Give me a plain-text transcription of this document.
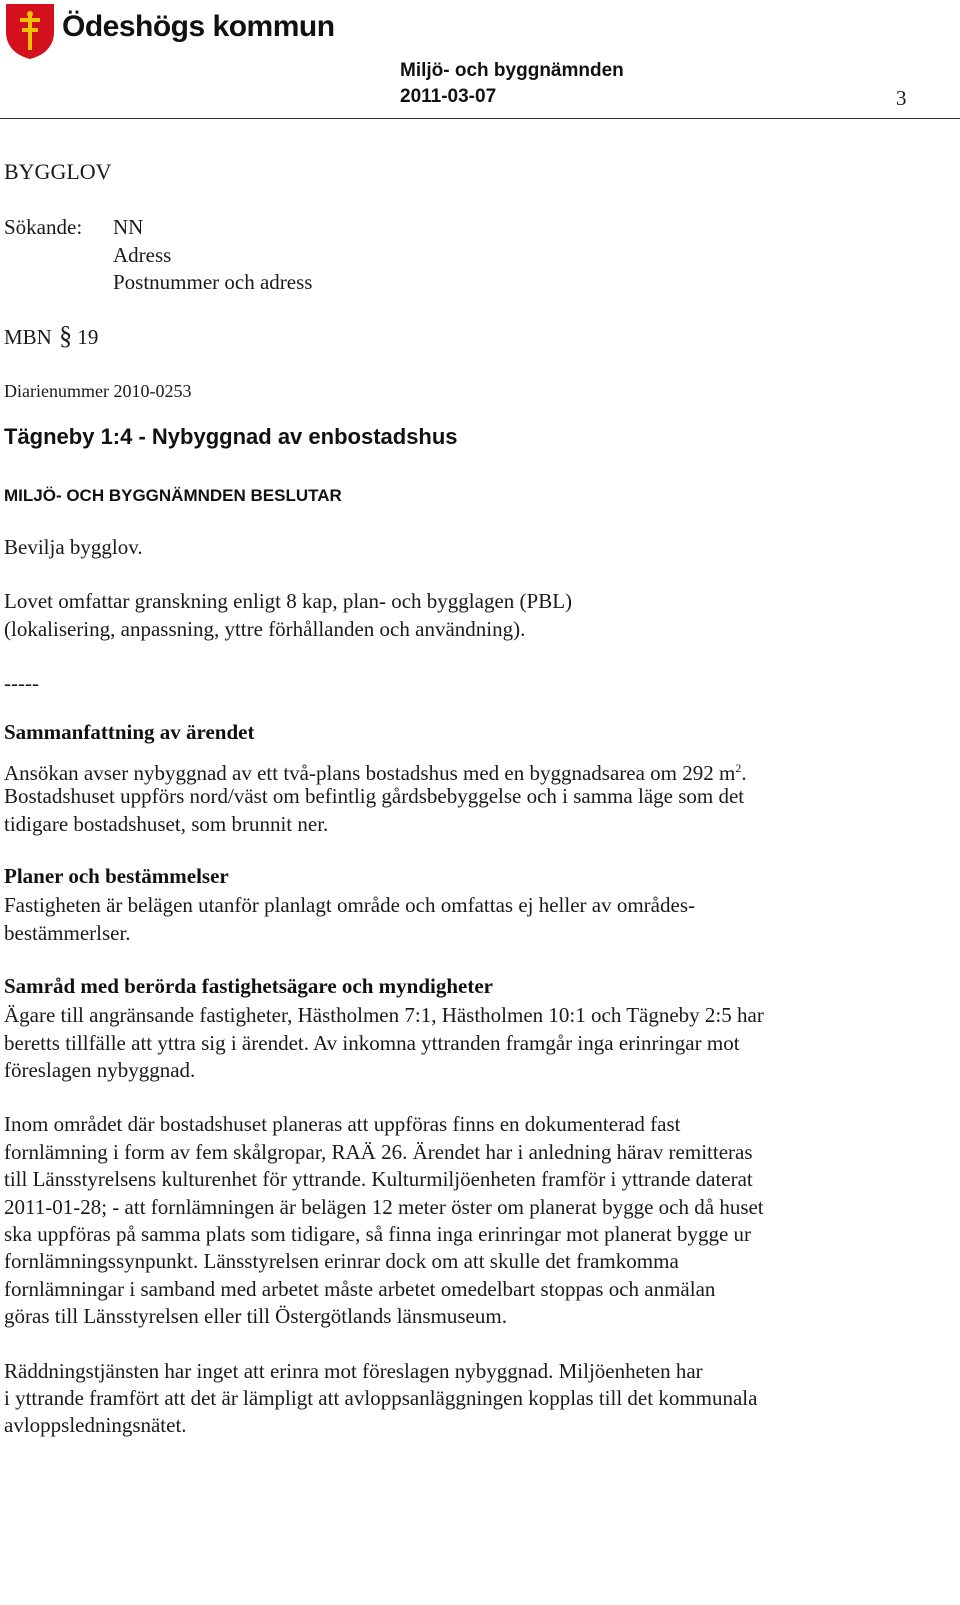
Ödeshögs kommun
Miljö- och byggnämnden
2011-03-07	3
BYGGLOV
Sökande: NN
Adress
Postnummer och adress
MBN § 19
Diarienummer 2010-0253
Tägneby 1:4 - Nybyggnad av enbostadshus
MILJÖ- OCH BYGGNÄMNDEN BESLUTAR
Bevilja bygglov.
Lovet omfattar granskning enligt 8 kap, plan- och bygglagen (PBL)
(lokalisering, anpassning, yttre förhållanden och användning).
-----
Sammanfattning av ärendet
Ansökan avser nybyggnad av ett två-plans bostadshus med en byggnadsarea om 292 $m^2$.
Bostadshuset uppförs nord/väst om befintlig gårdsbebyggelse och i samma läge som det
tidigare bostadshuset, som brunnit ner.
Planer och bestämmelser
Fastigheten är belägen utanför planlagt område och omfattas ej heller av områdes-
bestämmerlser.
Samråd med berörda fastighetsägare och myndigheter
Ägare till angränsande fastigheter, Hästholmen 7:1, Hästholmen 10:1 och Tägneby 2:5 har
beretts tillfälle att yttra sig i ärendet. Av inkomna yttranden framgår inga erinringar mot
föreslagen nybyggnad.
Inom området där bostadshuset planeras att uppföras finns en dokumenterad fast
fornlämning i form av fem skålgropar, RAÄ 26. Ärendet har i anledning härav remitteras
till Länsstyrelsens kulturenhet för yttrande. Kulturmiljöenheten framför i yttrande daterat
2011-01-28; - att fornlämningen är belägen 12 meter öster om planerat bygge och då huset
ska uppföras på samma plats som tidigare, så finna inga erinringar mot planerat bygge ur
fornlämningssynpunkt. Länsstyrelsen erinrar dock om att skulle det framkomma
fornlämningar i samband med arbetet måste arbetet omedelbart stoppas och anmälan
göras till Länsstyrelsen eller till Östergötlands länsmuseum.
Räddningstjänsten har inget att erinra mot föreslagen nybyggnad. Miljöenheten har
i yttrande framfört att det är lämpligt att avloppsanläggningen kopplas till det kommunala
avloppsledningsnätet.
